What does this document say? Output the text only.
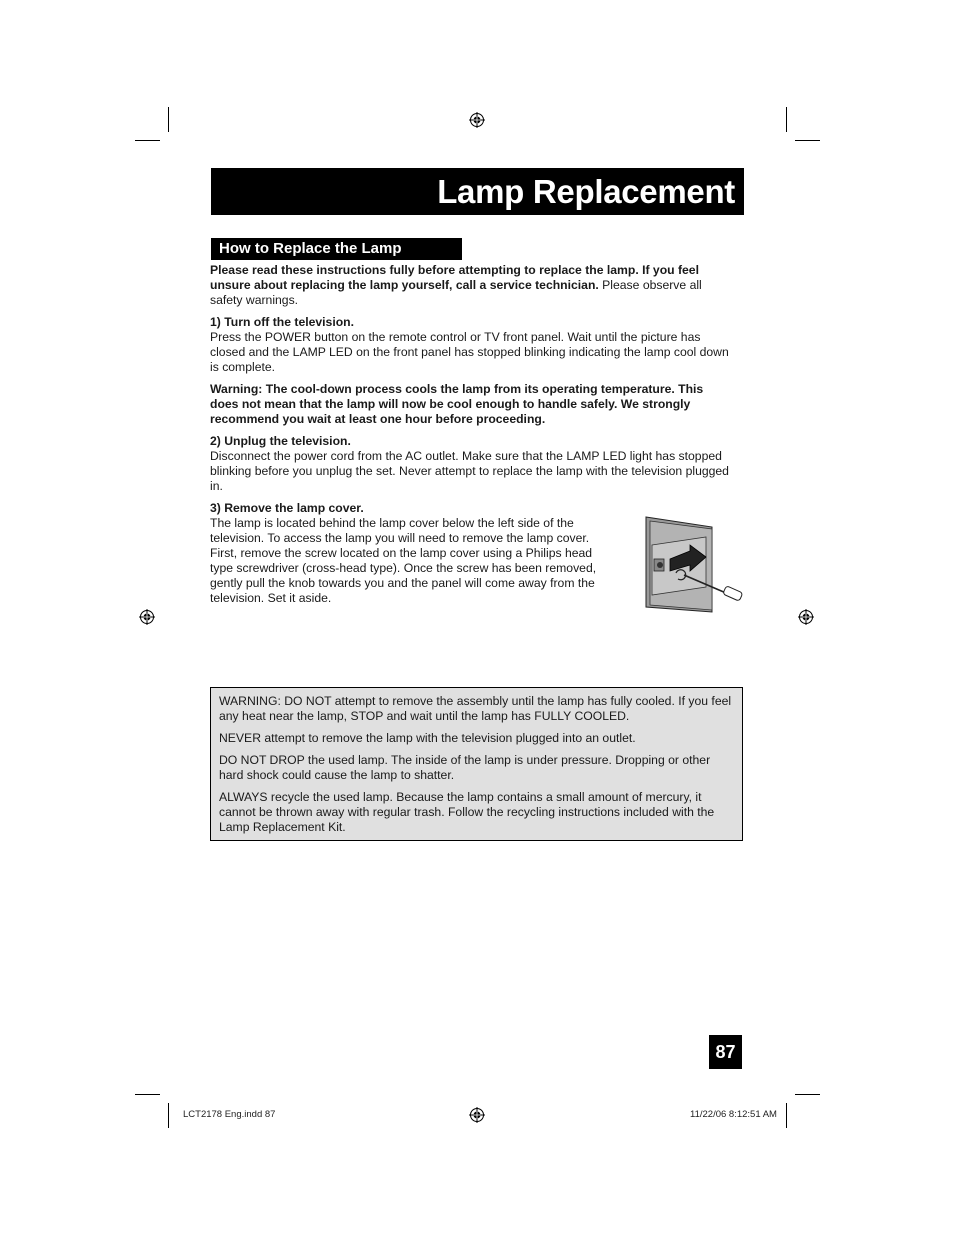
Lamp Replacement
How to Replace the Lamp
Please read these instructions fully before attempting to replace the lamp. If you feel unsure about replacing the lamp yourself, call a service technician. Please observe all safety warnings.
1) Turn off the television.
Press the POWER button on the remote control or TV front panel. Wait until the picture has closed and the LAMP LED on the front panel has stopped blinking indicating the lamp cool down is complete.
Warning: The cool-down process cools the lamp from its operating temperature. This does not mean that the lamp will now be cool enough to handle safely. We strongly recommend you wait at least one hour before proceeding.
2) Unplug the television.
Disconnect the power cord from the AC outlet. Make sure that the LAMP LED light has stopped blinking before you unplug the set. Never attempt to replace the lamp with the television plugged in.
3) Remove the lamp cover.
The lamp is located behind the lamp cover below the left side of the television. To access the lamp you will need to remove the lamp cover. First, remove the screw located on the lamp cover using a Philips head type screwdriver (cross-head type). Once the screw has been removed, gently pull the knob towards you and the panel will come away from the television. Set it aside.

WARNING: DO NOT attempt to remove the assembly until the lamp has fully cooled. If you feel any heat near the lamp, STOP and wait until the lamp has FULLY COOLED.

NEVER attempt to remove the lamp with the television plugged into an outlet.

DO NOT DROP the used lamp. The inside of the lamp is under pressure. Dropping or other hard shock could cause the lamp to shatter.

ALWAYS recycle the used lamp. Because the lamp contains a small amount of mercury, it cannot be thrown away with regular trash. Follow the recycling instructions included with the Lamp Replacement Kit.

87
LCT2178 Eng.indd 87	11/22/06 8:12:51 AM
